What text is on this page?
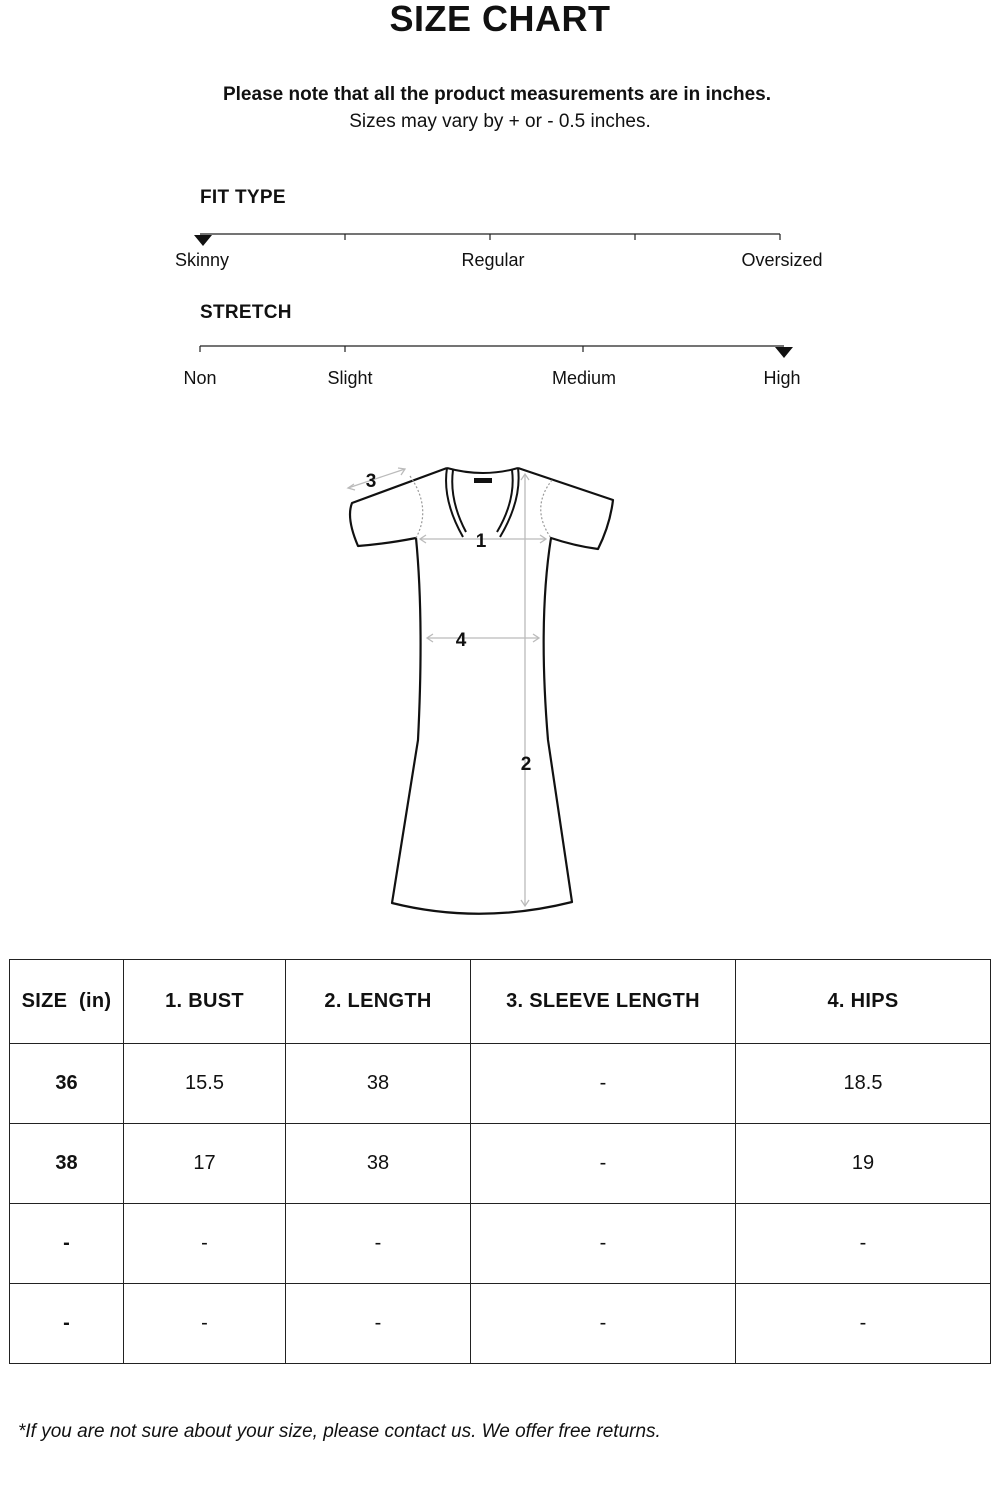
SIZE CHART
Please note that all the product measurements are in inches.
Sizes may vary by + or - 0.5 inches.
FIT TYPE
Skinny	Regular	Oversized
STRETCH
Non	Slight	Medium	High
1
2
3
4
SIZE  (in)	1. BUST	2. LENGTH	3. SLEEVE LENGTH	4. HIPS
36	15.5	38	-	18.5
38	17	38	-	19
-	-	-	-	-
-	-	-	-	-
*If you are not sure about your size, please contact us. We offer free returns.
